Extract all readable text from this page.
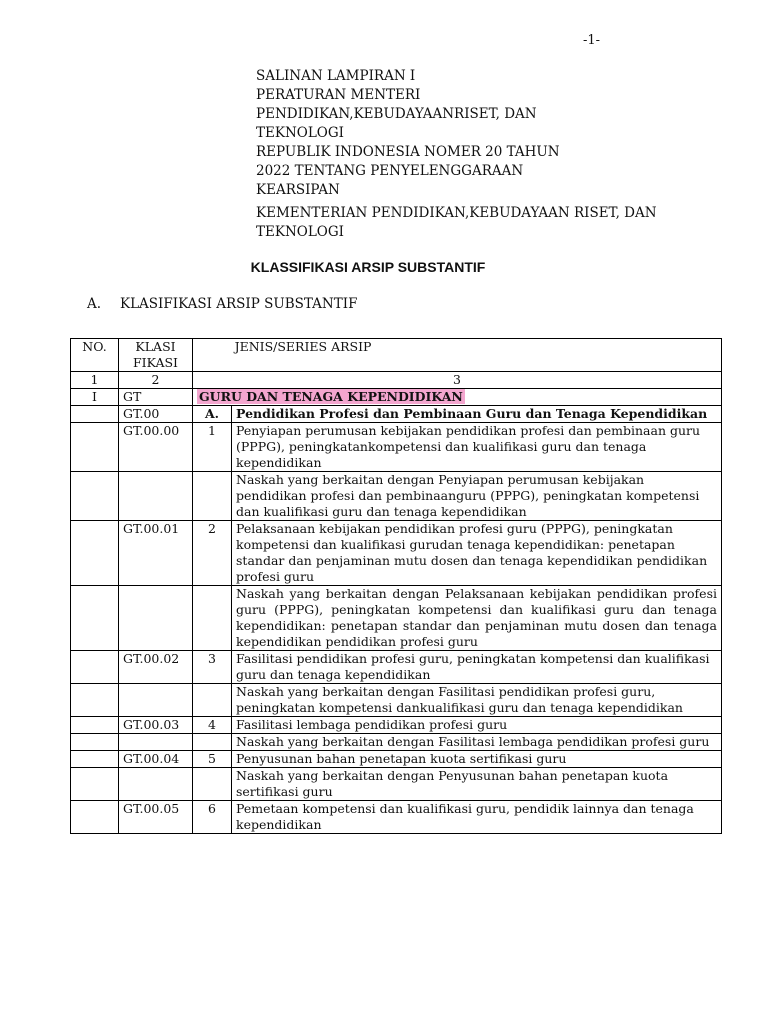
-1-
SALINAN LAMPIRAN I
PERATURAN MENTERI
PENDIDIKAN,KEBUDAYAANRISET, DAN
TEKNOLOGI
REPUBLIK INDONESIA NOMER 20 TAHUN
2022 TENTANG PENYELENGGARAAN
KEARSIPAN
KEMENTERIAN PENDIDIKAN,KEBUDAYAAN RISET, DAN TEKNOLOGI
KLASSIFIKASI ARSIP SUBSTANTIF
A. KLASIFIKASI ARSIP SUBSTANTIF
NO.	KLASI FIKASI	JENIS/SERIES ARSIP	

1	2	3	
I	GT	GURU DAN TENAGA KEPENDIDIKAN	
	GT.00	A.	Pendidikan Profesi dan Pembinaan Guru dan Tenaga Kependidikan
	GT.00.00	1	Penyiapan perumusan kebijakan pendidikan profesi dan pembinaan guru (PPPG), peningkatankompetensi dan kualifikasi guru dan tenaga kependidikan
			Naskah yang berkaitan dengan Penyiapan perumusan kebijakan pendidikan profesi dan pembinaanguru (PPPG), peningkatan kompetensi dan kualifikasi guru dan tenaga kependidikan
	GT.00.01	2	Pelaksanaan kebijakan pendidikan profesi guru (PPPG), peningkatan kompetensi dan kualifikasi gurudan tenaga kependidikan: penetapan standar dan penjaminan mutu dosen dan tenaga kependidikan pendidikan profesi guru
			Naskah yang berkaitan dengan Pelaksanaan kebijakan pendidikan profesi guru (PPPG), peningkatan kompetensi dan kualifikasi guru dan tenaga kependidikan: penetapan standar dan penjaminan mutu dosen dan tenaga kependidikan pendidikan profesi guru
	GT.00.02	3	Fasilitasi pendidikan profesi guru, peningkatan kompetensi dan kualifikasi guru dan tenaga kependidikan
			Naskah yang berkaitan dengan Fasilitasi pendidikan profesi guru, peningkatan kompetensi dankualifikasi guru dan tenaga kependidikan
	GT.00.03	4	Fasilitasi lembaga pendidikan profesi guru
			Naskah yang berkaitan dengan Fasilitasi lembaga pendidikan profesi guru
	GT.00.04	5	Penyusunan bahan penetapan kuota sertifikasi guru
			Naskah yang berkaitan dengan Penyusunan bahan penetapan kuota sertifikasi guru
	GT.00.05	6	Pemetaan kompetensi dan kualifikasi guru, pendidik lainnya dan tenaga kependidikan
